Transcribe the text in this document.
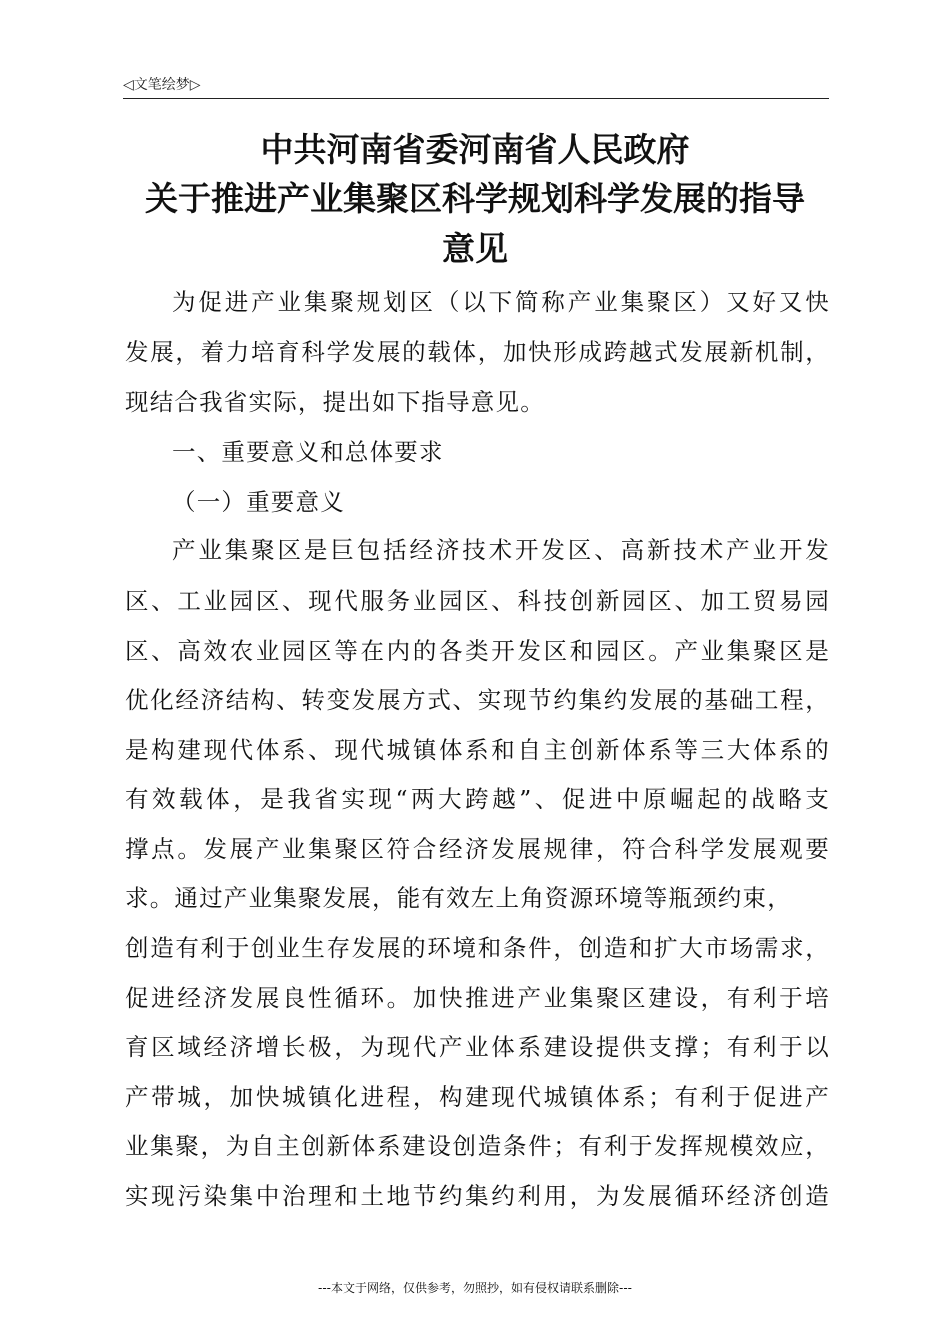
◁文笔绘梦▷
中共河南省委河南省人民政府
关于推进产业集聚区科学规划科学发展的指导
意见
为促进产业集聚规划区（以下简称产业集聚区）又好又快
发展，着力培育科学发展的载体，加快形成跨越式发展新机制，
现结合我省实际，提出如下指导意见。
一、重要意义和总体要求
（一）重要意义
产业集聚区是巨包括经济技术开发区、高新技术产业开发
区、工业园区、现代服务业园区、科技创新园区、加工贸易园
区、高效农业园区等在内的各类开发区和园区。产业集聚区是
优化经济结构、转变发展方式、实现节约集约发展的基础工程，
是构建现代体系、现代城镇体系和自主创新体系等三大体系的
有效载体，是我省实现“两大跨越”、促进中原崛起的战略支
撑点。发展产业集聚区符合经济发展规律，符合科学发展观要
求。通过产业集聚发展，能有效左上角资源环境等瓶颈约束，
创造有利于创业生存发展的环境和条件，创造和扩大市场需求，
促进经济发展良性循环。加快推进产业集聚区建设，有利于培
育区域经济增长极，为现代产业体系建设提供支撑；有利于以
产带城，加快城镇化进程，构建现代城镇体系；有利于促进产
业集聚，为自主创新体系建设创造条件；有利于发挥规模效应，
实现污染集中治理和土地节约集约利用，为发展循环经济创造
---本文于网络，仅供参考，勿照抄，如有侵权请联系删除---
